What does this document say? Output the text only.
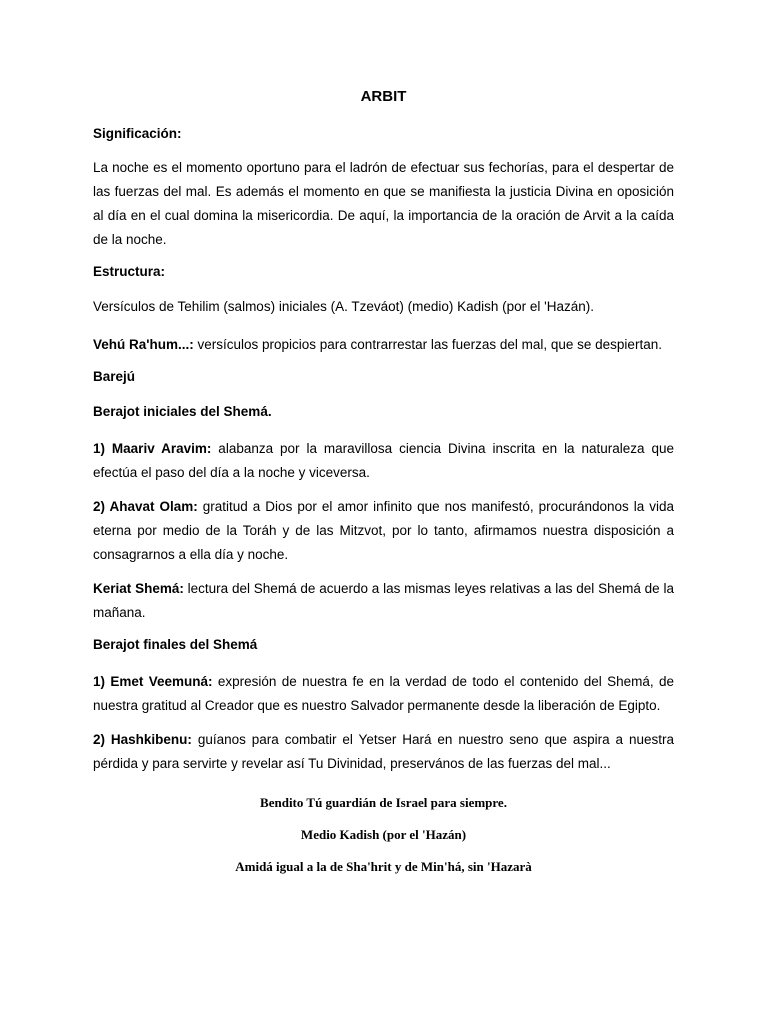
ARBIT
Significación:
La noche es el momento oportuno para el ladrón de efectuar sus fechorías, para el despertar de las fuerzas del mal. Es además el momento en que se manifiesta la justicia Divina en oposición al día en el cual domina la misericordia. De aquí, la importancia de la oración de Arvit a la caída de la noche.
Estructura:
Versículos de Tehilim (salmos) iniciales (A. Tzeváot) (medio) Kadish (por el 'Hazán).
Vehú Ra'hum...: versículos propicios para contrarrestar las fuerzas del mal, que se despiertan.
Barejú
Berajot iniciales del Shemá.
1) Maariv Aravim: alabanza por la maravillosa ciencia Divina inscrita en la naturaleza que efectúa el paso del día a la noche y viceversa.
2) Ahavat Olam: gratitud a Dios por el amor infinito que nos manifestó, procurándonos la vida eterna por medio de la Toráh y de las Mitzvot, por lo tanto, afirmamos nuestra disposición a consagrarnos a ella día y noche.
Keriat Shemá: lectura del Shemá de acuerdo a las mismas leyes relativas a las del Shemá de la mañana.
Berajot finales del Shemá
1) Emet Veemuná: expresión de nuestra fe en la verdad de todo el contenido del Shemá, de nuestra gratitud al Creador que es nuestro Salvador permanente desde la liberación de Egipto.
2) Hashkibenu: guíanos para combatir el Yetser Hará en nuestro seno que aspira a nuestra pérdida y para servirte y revelar así Tu Divinidad, preservános de las fuerzas del mal...
Bendito Tú guardián de Israel para siempre.
Medio Kadish (por el 'Hazán)
Amidá igual a la de Sha'hrit y de Min'há, sin 'Hazarà
